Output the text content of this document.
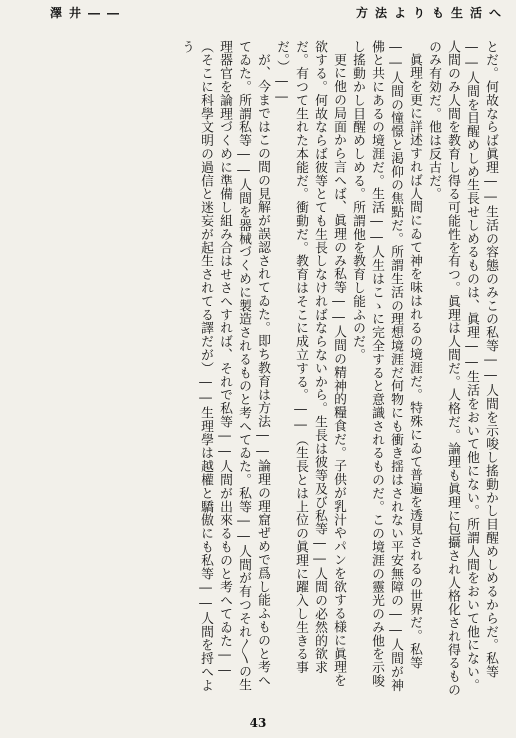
澤井――	方法よりも生活へ

とだ。何故ならば眞理――生活の容態のみこの私等――人間を示唆し搖動かし目醒めしめるからだ。私等――人間を目醒めしめ生長せしめるものは、眞理――生活をおいて他にない。所謂人間をおいて他にない。人間のみ人間を教育し得る可能性を有つ。眞理は人間だ。人格だ。論理も眞理に包攝され人格化され得るもののみ有効だ。他は反古だ。

眞理を更に詳述すれば人間にゐて神を味はれるの境涯だ。特殊にゐて普遍を透見されるの世界だ。私等――人間の憧憬と渇仰の焦點だ。所謂生活の理想境涯だ何物にも衝き揺はされない平安無障の――人間が神佛と共にあるの境涯だ。生活――人生はこゝに完全すると意識されるものだ。この境涯の靈光のみ他を示唆し搖動かし目醒めしめる。所謂他を教育し能ふのだ。

更に他の局面から言へば、眞理のみ私等――人間の精神的糧食だ。子供が乳汁やパンを欲する様に眞理を欲する。何故ならば彼等とても生長しなければならないから。生長は彼等及び私等――人間の必然的欲求だ。有つて生れた本能だ。衝動だ。教育はそこに成立する。――（生長とは上位の眞理に躍入し生きる事だ。）――

が、今まではこの間の見解が誤認されてゐた。即ち教育は方法――論理の理窟ぜめで爲し能ふものと考へてゐた。所謂私等――人間を器械づくめに製造されるものと考へてゐた。私等――人間が有つそれ〳〵の生理器官を論理づくめに準備し組み合はせさへすれば、それで私等――人間が出來るものと考へてゐた――（そこに科學文明の過信と迷妄が起生されてる譯だが）――生理學は越權と驕傲にも私等――人間を捋へよう

43
